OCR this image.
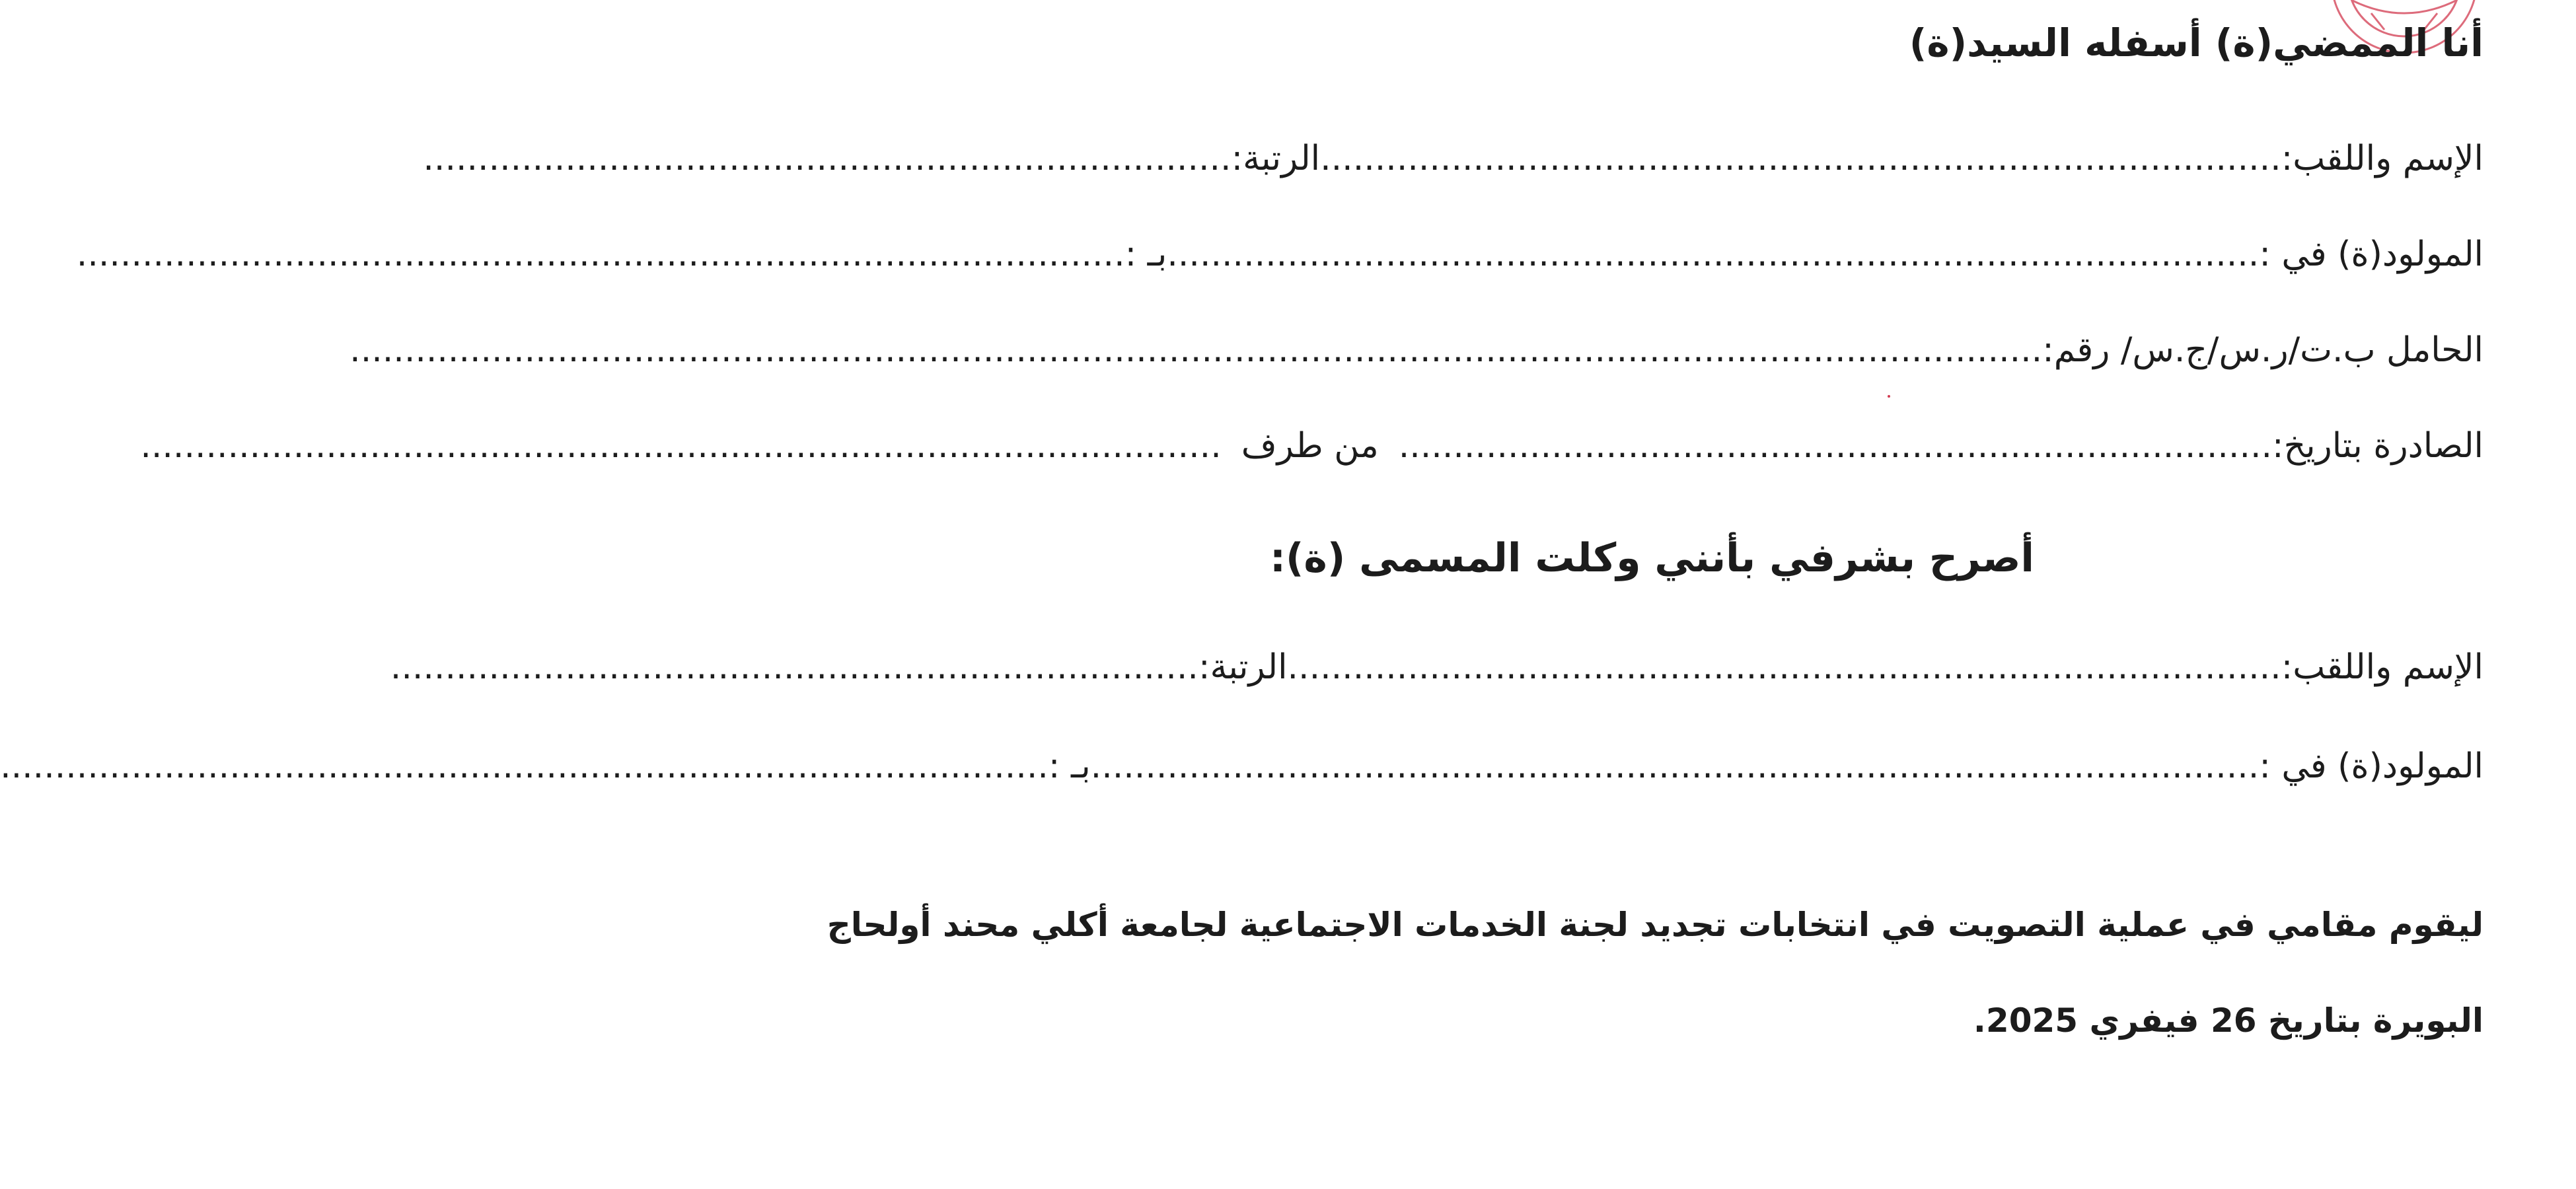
أنا الممضي(ة) أسفله السيد(ة)
الإسم واللقب:........................................................................................الرتبة:..........................................................................
المولود(ة) في :....................................................................................................بـ :................................................................................................
الحامل ب.ت/ر.س/ج.س/ رقم:...........................................................................................................................................................
الصادرة بتاريخ:................................................................................من طرف...................................................................................................
أصرح بشرفي بأنني وكلت المسمى (ة):
الإسم واللقب:...........................................................................................الرتبة:..........................................................................
المولود(ة) في :...........................................................................................................بـ :................................................................................................
ليقوم مقامي في عملية التصويت في انتخابات تجديد لجنة الخدمات الاجتماعية لجامعة أكلي محند أولحاج
البويرة بتاريخ 26 فيفري 2025.
